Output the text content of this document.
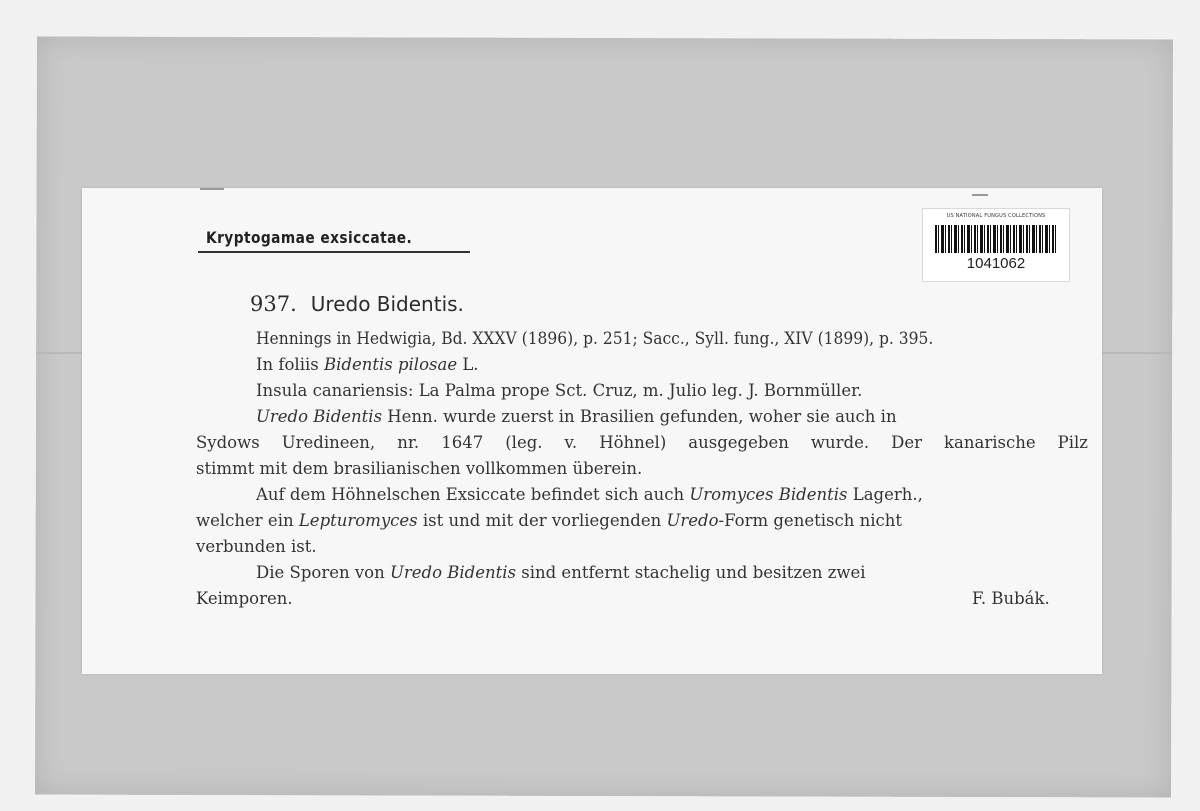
Kryptogamae exsiccatae.
US NATIONAL FUNGUS COLLECTIONS
1041062
937. Uredo Bidentis.
Hennings in Hedwigia, Bd. XXXV (1896), p. 251; Sacc., Syll. fung., XIV (1899), p. 395.
In foliis Bidentis pilosae L.
Insula canariensis: La Palma prope Sct. Cruz, m. Julio leg. J. Bornmüller.
Uredo Bidentis Henn. wurde zuerst in Brasilien gefunden, woher sie auch in
Sydows Uredineen, nr. 1647 (leg. v. Höhnel) ausgegeben wurde. Der kanarische Pilz
stimmt mit dem brasilianischen vollkommen überein.
Auf dem Höhnelschen Exsiccate befindet sich auch Uromyces Bidentis Lagerh.,
welcher ein Lepturomyces ist und mit der vorliegenden Uredo-Form genetisch nicht
verbunden ist.
Die Sporen von Uredo Bidentis sind entfernt stachelig und besitzen zwei
Keimporen.	F. Bubák.
